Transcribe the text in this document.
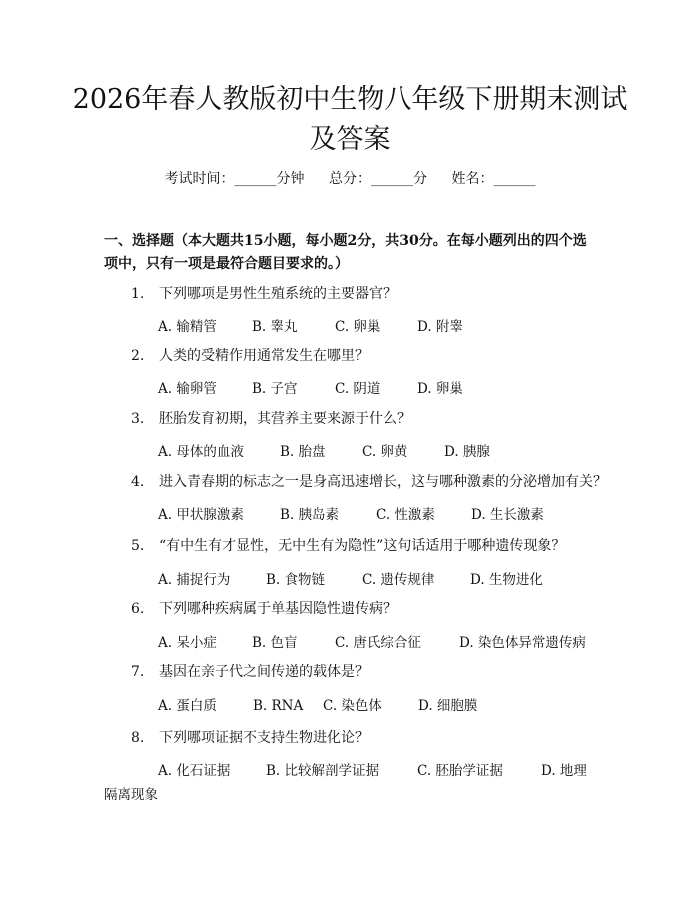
2026年春人教版初中生物八年级下册期末测试及答案
考试时间：______分钟 总分：______分 姓名：______

一、选择题（本大题共15小题，每小题2分，共30分。在每小题列出的四个选项中，只有一项是最符合题目要求的。）

1. 下列哪项是男性生殖系统的主要器官？
A. 输精管	B. 睾丸	C. 卵巢	D. 附睾
2. 人类的受精作用通常发生在哪里？
A. 输卵管	B. 子宫	C. 阴道	D. 卵巢
3. 胚胎发育初期，其营养主要来源于什么？
A. 母体的血液	B. 胎盘	C. 卵黄	D. 胰腺
4. 进入青春期的标志之一是身高迅速增长，这与哪种激素的分泌增加有关？
A. 甲状腺激素	B. 胰岛素	C. 性激素	D. 生长激素
5. “有中生有才显性，无中生有为隐性”这句话适用于哪种遗传现象？
A. 捕捉行为	B. 食物链	C. 遗传规律	D. 生物进化
6. 下列哪种疾病属于单基因隐性遗传病？
A. 呆小症	B. 色盲	C. 唐氏综合征	D. 染色体异常遗传病
7. 基因在亲子代之间传递的载体是？
A. 蛋白质	B. RNA C. 染色体	D. 细胞膜
8. 下列哪项证据不支持生物进化论？
A. 化石证据	B. 比较解剖学证据	C. 胚胎学证据	D. 地理
隔离现象
